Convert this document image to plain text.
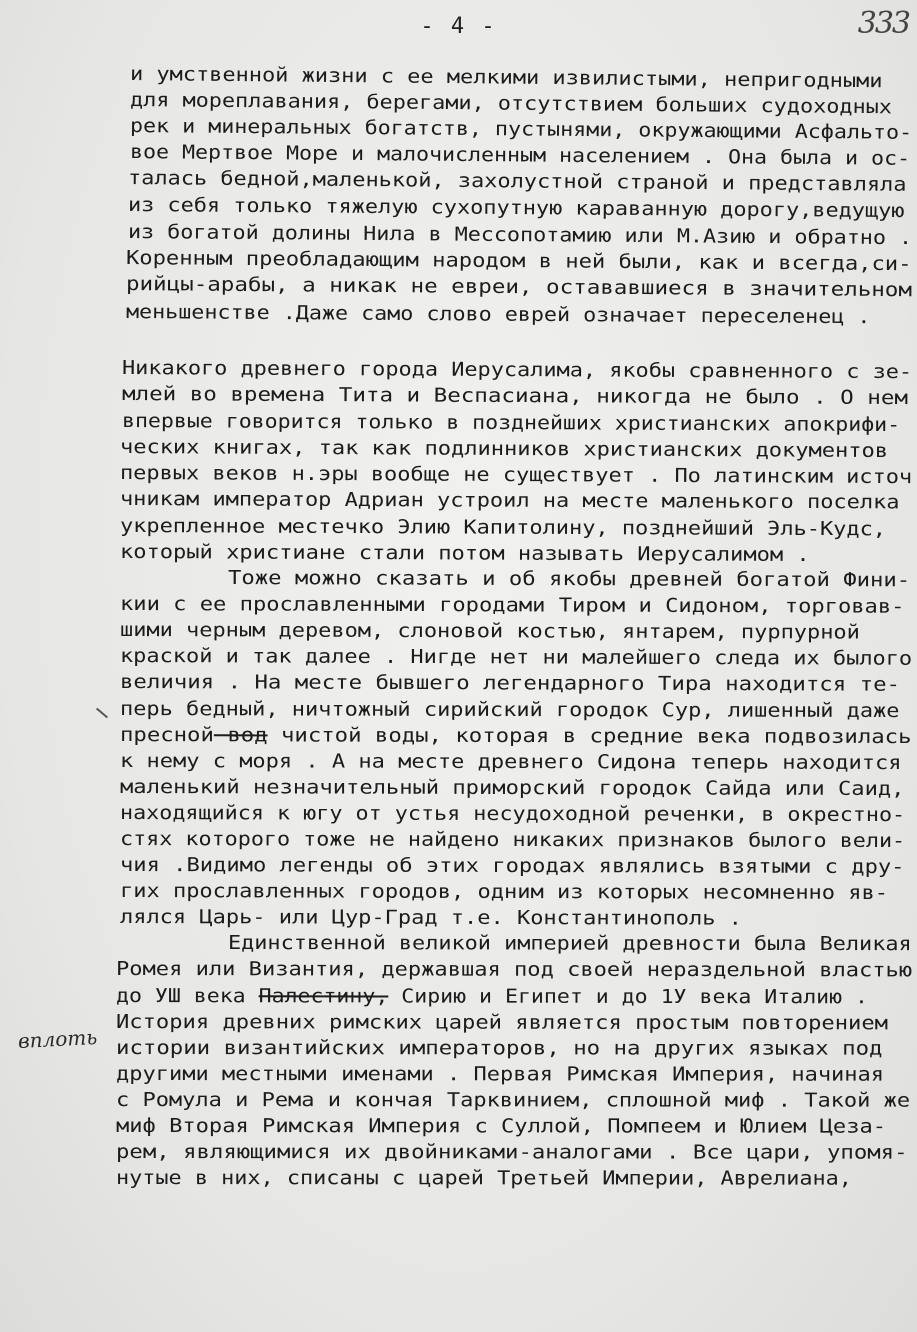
- 4 -	333
вплоть
и умственной жизни с ее мелкими извилистыми, непригодными
для мореплавания, берегами, отсутствием больших судоходных
рек и минеральных богатств, пустынями, окружающими Асфальто-
вое Мертвое Море и малочисленным населением . Она была и ос-
талась бедной,маленькой, захолустной страной и представляла
из себя только тяжелую сухопутную караванную дорогу,ведущую
из богатой долины Нила в Мессопотамию или М.Азию и обратно .
Коренным преобладающим народом в ней были, как и всегда,си-
рийцы-арабы, а никак не евреи, остававшиеся в значительном
меньшенстве .Даже само слово еврей означает переселенец .
Никакого древнего города Иерусалима, якобы сравненного с зе-
млей во времена Тита и Веспасиана, никогда не было . О нем
впервые говорится только в позднейших христианских апокрифи-
ческих книгах, так как подлинников христианских документов
первых веков н.эры вообще не существует . По латинским источ
чникам император Адриан устроил на месте маленького поселка
укрепленное местечко Элию Капитолину, позднейший Эль-Кудс,
который христиане стали потом называть Иерусалимом .
Тоже можно сказать и об якобы древней богатой Фини-
кии с ее прославленными городами Тиром и Сидоном, торговав-
шими черным деревом, слоновой костью, янтарем, пурпурной
краской и так далее . Нигде нет ни малейшего следа их былого
величия . На месте бывшего легендарного Тира находится те-
перь бедный, ничтожный сирийский городок Сур, лишенный даже
пресной вод чистой воды, которая в средние века подвозилась
к нему с моря . А на месте древнего Сидона теперь находится
маленький незначительный приморский городок Сайда или Саид,
находящийся к югу от устья несудоходной реченки, в окрестно-
стях которого тоже не найдено никаких признаков былого вели-
чия .Видимо легенды об этих городах являлись взятыми с дру-
гих прославленных городов, одним из которых несомненно яв-
лялся Царь- или Цур-Град т.е. Константинополь .
Единственной великой империей древности была Великая
Ромея или Византия, державшая под своей нераздельной властью
до УШ века Палестину, Сирию и Египет и до 1У века Италию .
История древних римских царей является простым повторением
истории византийских императоров, но на других языках под
другими местными именами . Первая Римская Империя, начиная
с Ромула и Рема и кончая Тарквинием, сплошной миф . Такой же
миф Вторая Римская Империя с Суллой, Помпеем и Юлием Цеза-
рем, являющимися их двойниками-аналогами . Все цари, упомя-
нутые в них, списаны с царей Третьей Империи, Аврелиана,
